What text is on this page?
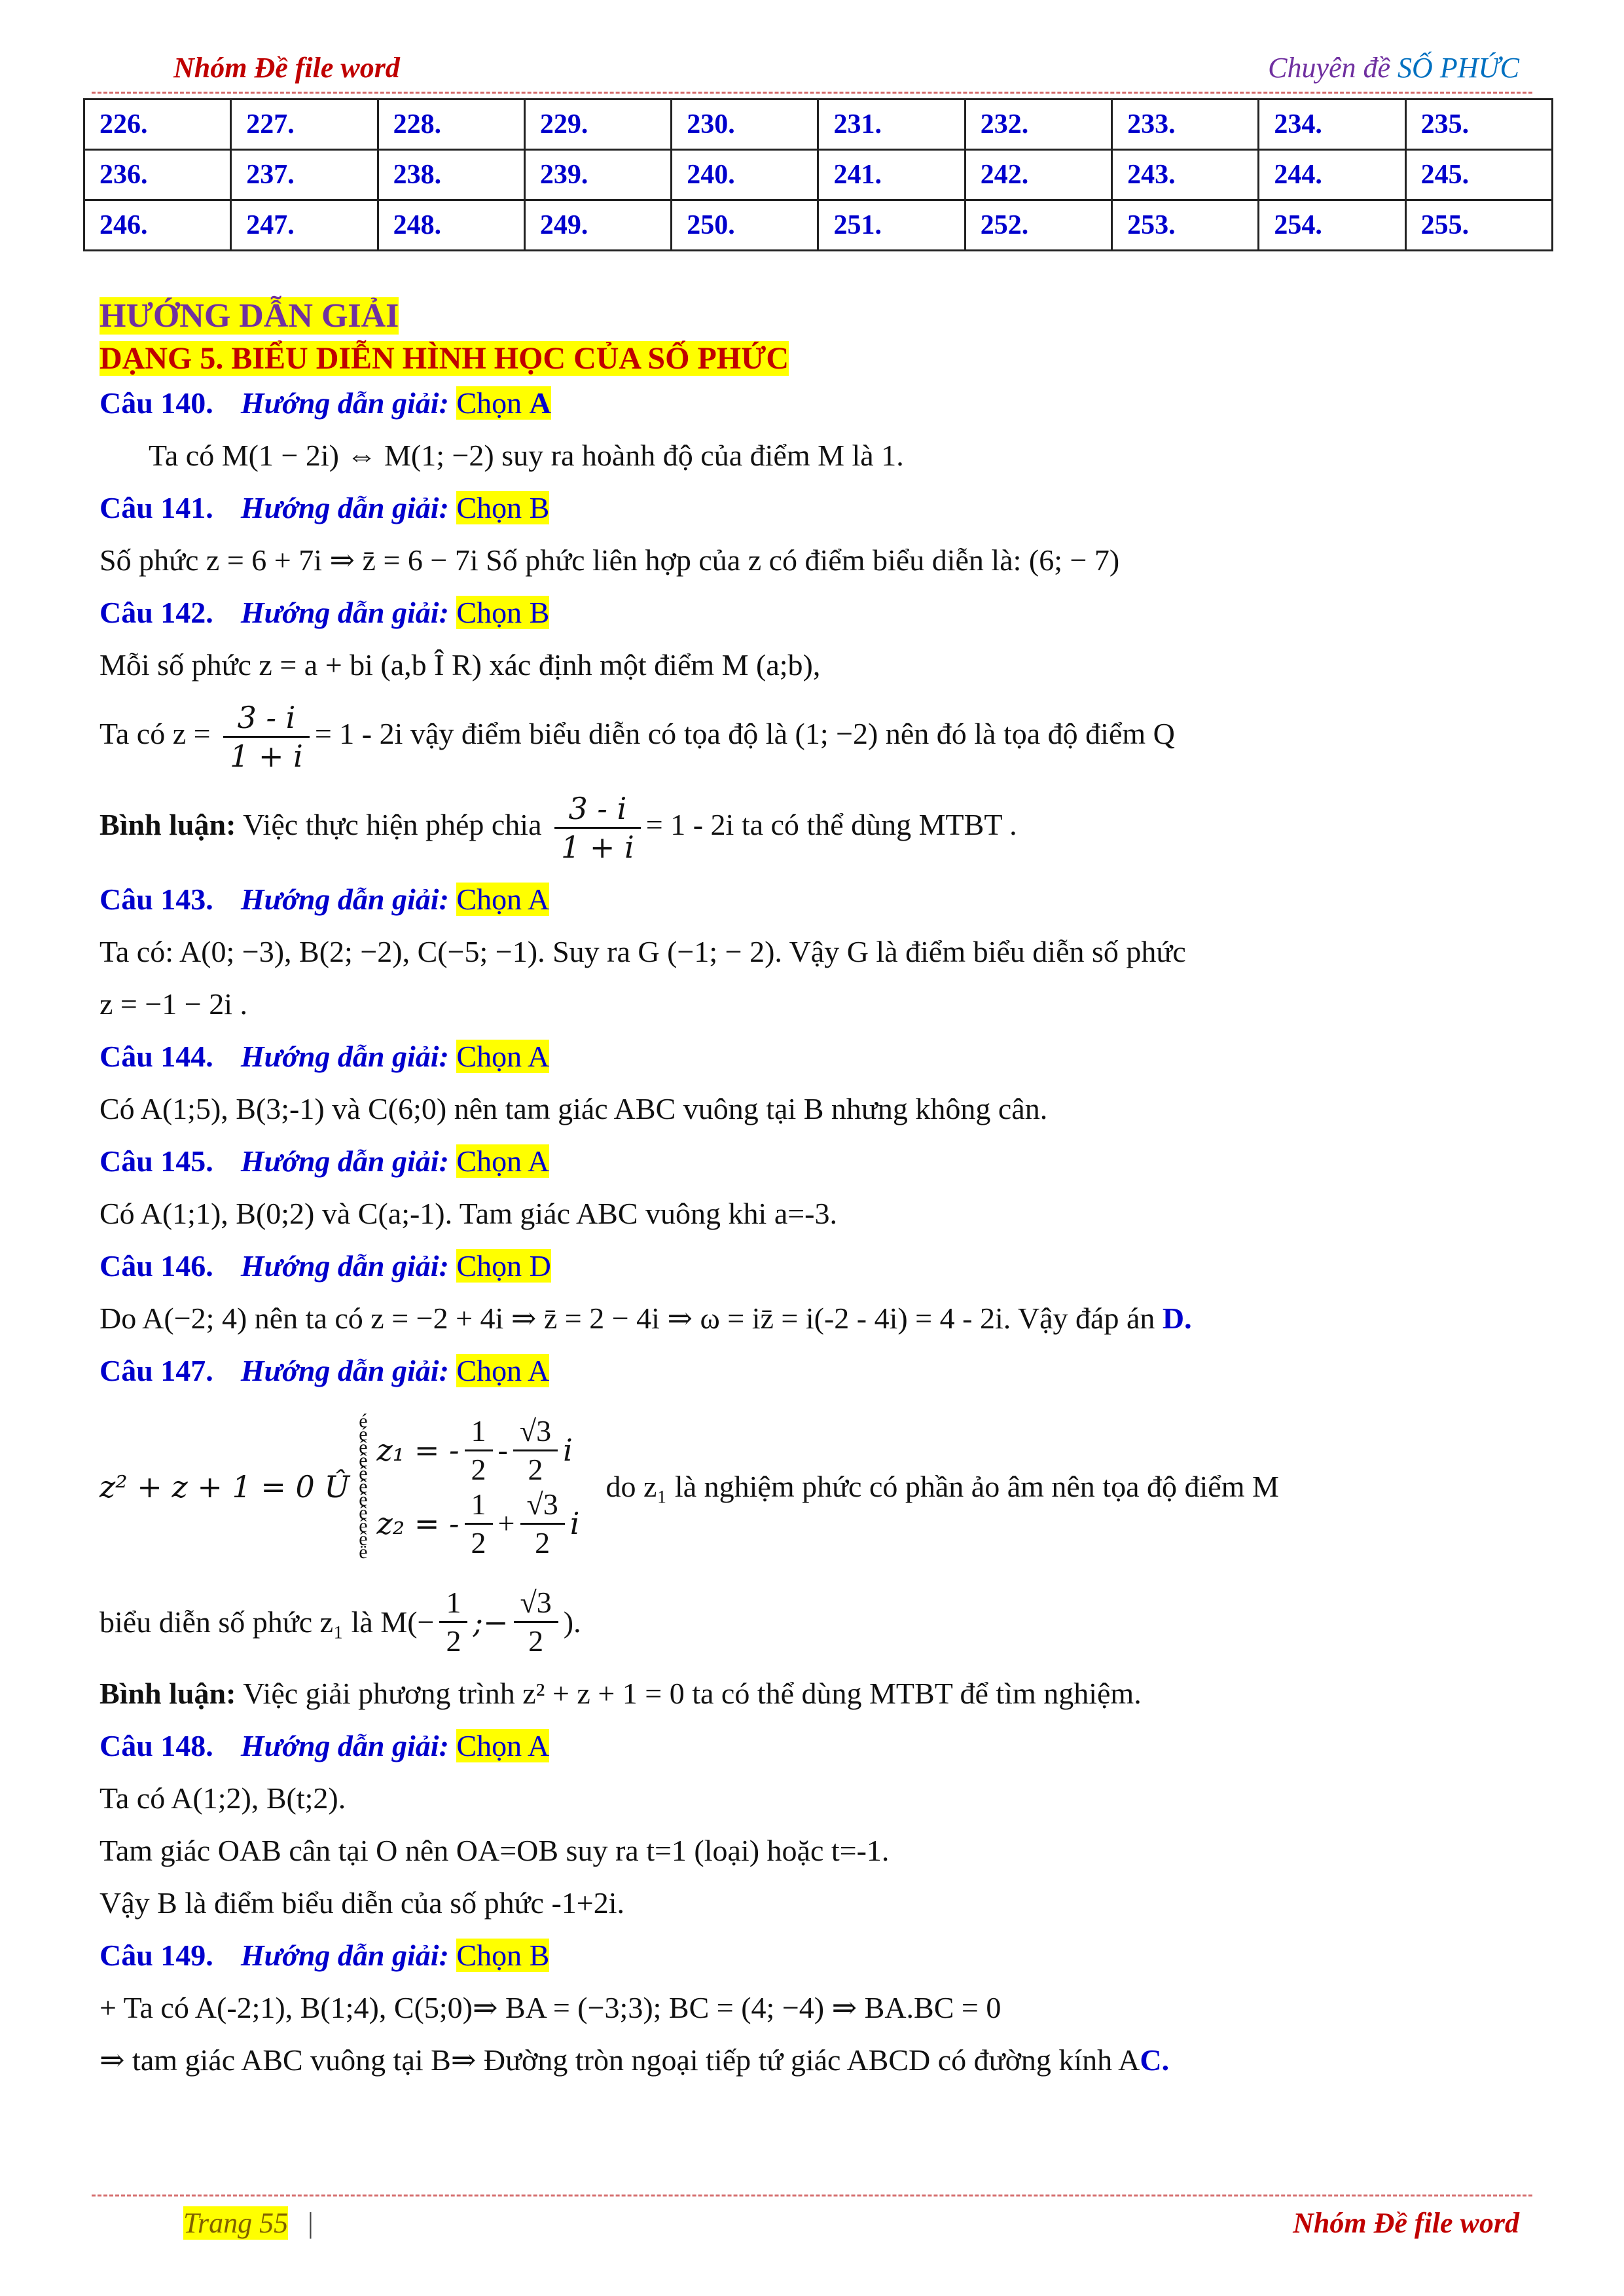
Nhóm Đề file word	Chuyên đề SỐ PHỨC
226.	227.	228.	229.	230.	231.	232.	233.	234.	235.
236.	237.	238.	239.	240.	241.	242.	243.	244.	245.
246.	247.	248.	249.	250.	251.	252.	253.	254.	255.
HƯỚNG DẪN GIẢI
DẠNG 5. BIỂU DIỄN HÌNH HỌC CỦA SỐ PHỨC
Câu 140. Hướng dẫn giải: Chọn A
Ta có M(1 − 2i) ⇔ M(1; −2) suy ra hoành độ của điểm M là 1.
Câu 141. Hướng dẫn giải: Chọn B
Số phức z = 6 + 7i ⇒ z̄ = 6 − 7i Số phức liên hợp của z có điểm biểu diễn là: (6; − 7)
Câu 142. Hướng dẫn giải: Chọn B
Mỗi số phức z = a + bi (a,b Î R) xác định một điểm M (a;b),
Ta có $z = \frac{3 - i}{1 + i} = 1 - 2i$ vậy điểm biểu diễn có tọa độ là (1; −2) nên đó là tọa độ điểm Q
Bình luận: Việc thực hiện phép chia $\frac{3 - i}{1 + i} = 1 - 2i$ ta có thể dùng MTBT .
Câu 143. Hướng dẫn giải: Chọn A
Ta có: A(0; −3), B(2; −2), C(−5; −1). Suy ra G (−1; − 2). Vậy G là điểm biểu diễn số phức
z = −1 − 2i .
Câu 144. Hướng dẫn giải: Chọn A
Có A(1;5), B(3;-1) và C(6;0) nên tam giác ABC vuông tại B nhưng không cân.
Câu 145. Hướng dẫn giải: Chọn A
Có A(1;1), B(0;2) và C(a;-1). Tam giác ABC vuông khi a=-3.
Câu 146. Hướng dẫn giải: Chọn D
Do A(−2; 4) nên ta có z = −2 + 4i ⇒ z̄ = 2 − 4i ⇒ ω = iz̄ = i(-2 - 4i) = 4 - 2i. Vậy đáp án D.
Câu 147. Hướng dẫn giải: Chọn A
z² + z + 1 = 0 Û
é
é
ê
ê
ê
ê
ê
ê
ê
ê
ë
z₁ = - $\frac{1}{2} - \frac{√3}{2}$ i
z₂ = - $\frac{1}{2} + \frac{√3}{2}$ i
do z₁ là nghiệm phức có phần ảo âm nên tọa độ điểm M
biểu diễn số phức z₁ là $M(- \frac{1}{2}$ ;− $\frac{√3}{2}$ ).
Bình luận: Việc giải phương trình z² + z + 1 = 0 ta có thể dùng MTBT để tìm nghiệm.
Câu 148. Hướng dẫn giải: Chọn A
Ta có A(1;2), B(t;2).
Tam giác OAB cân tại O nên OA=OB suy ra t=1 (loại) hoặc t=-1.
Vậy B là điểm biểu diễn của số phức -1+2i.
Câu 149. Hướng dẫn giải: Chọn B
+ Ta có A(-2;1), B(1;4), C(5;0)⇒ BA = (−3;3); BC = (4; −4) ⇒ BA.BC = 0
⇒ tam giác ABC vuông tại B⇒ Đường tròn ngoại tiếp tứ giác ABCD có đường kính AC.
Trang 55 |	Nhóm Đề file word
